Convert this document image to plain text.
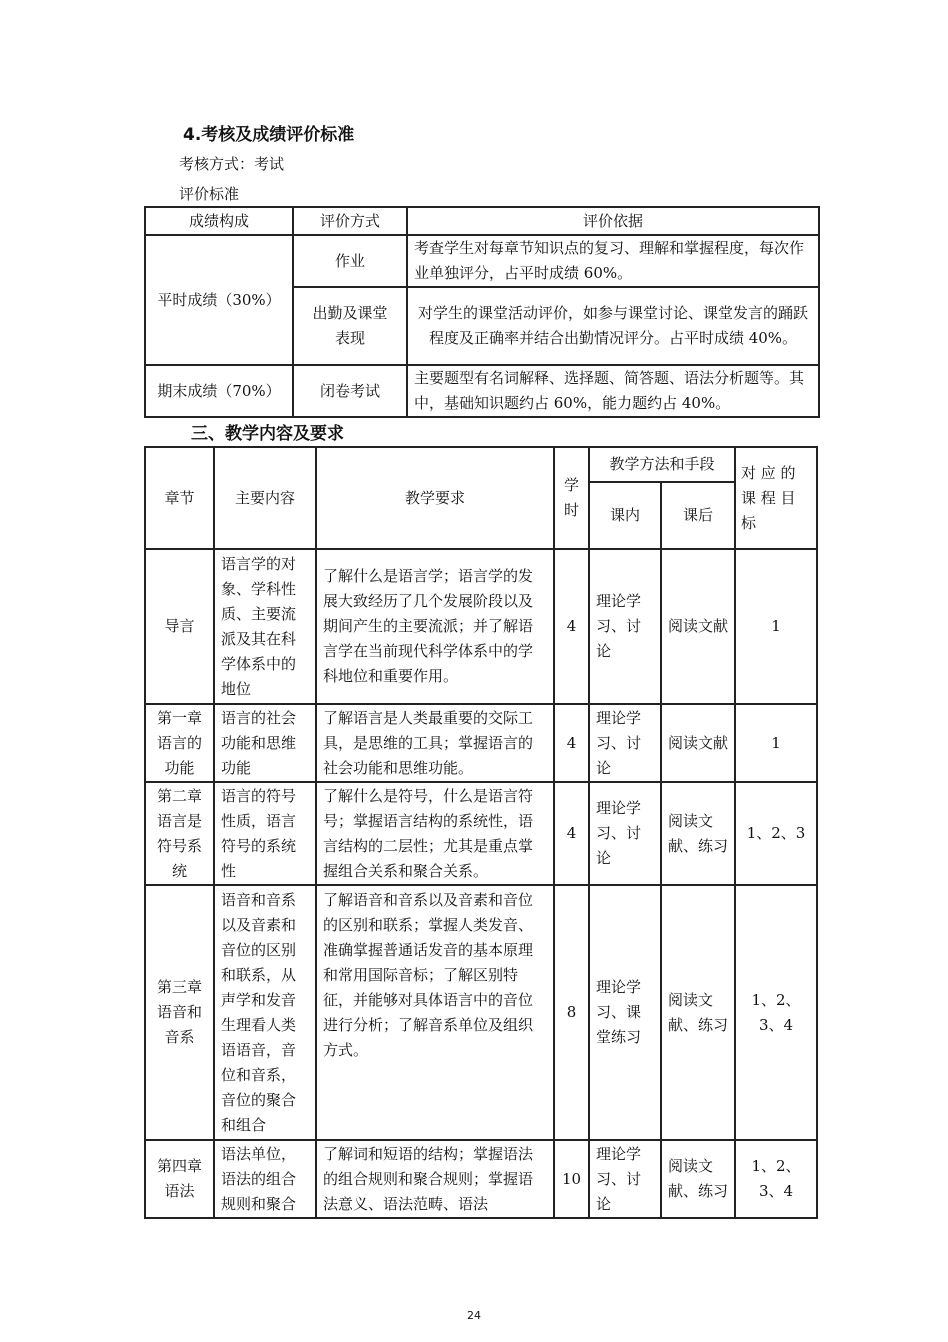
4.考核及成绩评价标准
考核方式：考试
评价标准
成绩构成	评价方式	评价依据
平时成绩（30%）	作业	考查学生对每章节知识点的复习、理解和掌握程度，每次作业单独评分，占平时成绩 60%。
	出勤及课堂表现	对学生的课堂活动评价，如参与课堂讨论、课堂发言的踊跃程度及正确率并结合出勤情况评分。占平时成绩 40%。
期末成绩（70%）	闭卷考试	主要题型有名词解释、选择题、简答题、语法分析题等。其中，基础知识题约占 60%，能力题约占 40%。
三、教学内容及要求
章节	主要内容	教学要求	学时	教学方法和手段		对 应 的 课 程 目 标
				课内	课后	
导言	语言学的对象、学科性质、主要流派及其在科学体系中的地位	了解什么是语言学；语言学的发展大致经历了几个发展阶段以及期间产生的主要流派；并了解语言学在当前现代科学体系中的学科地位和重要作用。	4	理论学习、讨论	阅读文献	1
第一章语言的功能	语言的社会功能和思维功能	了解语言是人类最重要的交际工具，是思维的工具；掌握语言的社会功能和思维功能。	4	理论学习、讨论	阅读文献	1
第二章语言是符号系统	语言的符号性质，语言符号的系统性	了解什么是符号，什么是语言符号；掌握语言结构的系统性，语言结构的二层性；尤其是重点掌握组合关系和聚合关系。	4	理论学习、讨论	阅读文献、练习	1、2、3
第三章语音和音系	语音和音系以及音素和音位的区别和联系，从声学和发音生理看人类语语音，音位和音系，音位的聚合和组合	了解语音和音系以及音素和音位的区别和联系；掌握人类发音、准确掌握普通话发音的基本原理和常用国际音标；了解区别特征，并能够对具体语言中的音位进行分析；了解音系单位及组织方式。	8	理论学习、课堂练习	阅读文献、练习	1、2、3、4
第四章语法	语法单位，语法的组合规则和聚合	了解词和短语的结构；掌握语法的组合规则和聚合规则；掌握语法意义、语法范畴、语法	10	理论学习、讨论	阅读文献、练习	1、2、3、4
24
